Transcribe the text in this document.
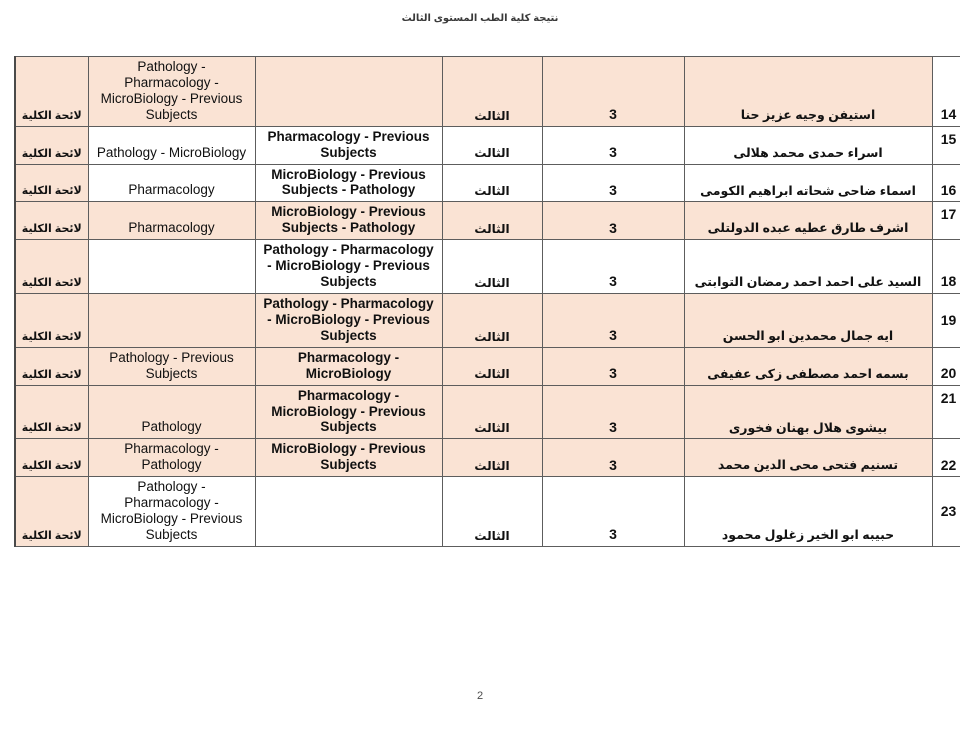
نتيجة كلية الطب المستوى الثالث
14	استيفن وجيه عزيز حنا	3	الثالث		Pathology - Pharmacology - MicroBiology - Previous Subjects	لائحة الكلية
15	اسراء حمدى محمد هلالى	3	الثالث	Pharmacology - Previous Subjects	Pathology - MicroBiology	لائحة الكلية
16	اسماء ضاحى شحاته ابراهيم الكومى	3	الثالث	MicroBiology - Previous Subjects - Pathology	Pharmacology	لائحة الكلية
17	اشرف طارق عطيه عبده الدولتلى	3	الثالث	MicroBiology - Previous Subjects - Pathology	Pharmacology	لائحة الكلية
18	السيد على احمد احمد رمضان التوابتى	3	الثالث	Pathology - Pharmacology - MicroBiology - Previous Subjects		لائحة الكلية
19	ايه جمال محمدين ابو الحسن	3	الثالث	Pathology - Pharmacology - MicroBiology - Previous Subjects		لائحة الكلية
20	بسمه احمد مصطفى زكى عفيفى	3	الثالث	Pharmacology - MicroBiology	Pathology - Previous Subjects	لائحة الكلية
21	بيشوى هلال بهنان فخورى	3	الثالث	Pharmacology - MicroBiology - Previous Subjects	Pathology	لائحة الكلية
22	تسنيم فتحى محى الدين محمد	3	الثالث	MicroBiology - Previous Subjects	Pharmacology - Pathology	لائحة الكلية
23	حبيبه ابو الخير زغلول محمود	3	الثالث		Pathology - Pharmacology - MicroBiology - Previous Subjects	لائحة الكلية
2
